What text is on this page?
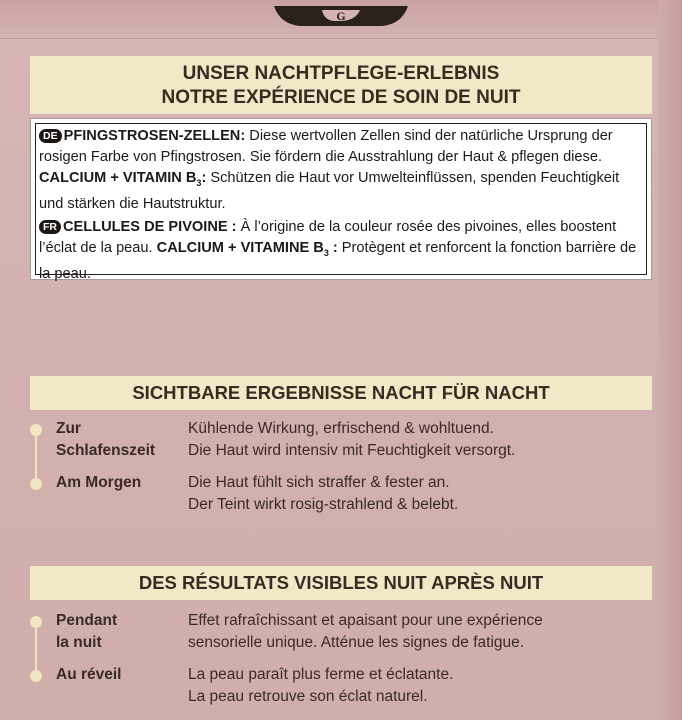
G
UNSER NACHTPFLEGE-ERLEBNIS
NOTRE EXPÉRIENCE DE SOIN DE NUIT
DE PFINGSTROSEN-ZELLEN: Diese wertvollen Zellen sind der natürliche Ursprung der rosigen Farbe von Pfingstrosen. Sie fördern die Ausstrahlung der Haut & pflegen diese. CALCIUM + VITAMIN $B_3$: Schützen die Haut vor Umwelteinflüssen, spenden Feuchtigkeit und stärken die Hautstruktur.
FR CELLULES DE PIVOINE : À l’origine de la couleur rosée des pivoines, elles boostent l’éclat de la peau. CALCIUM + VITAMINE $B_3$ : Protègent et renforcent la fonction barrière de la peau.
SICHTBARE ERGEBNISSE NACHT FÜR NACHT
Zur
Schlafenszeit
Kühlende Wirkung, erfrischend & wohltuend.
Die Haut wird intensiv mit Feuchtigkeit versorgt.
Am Morgen	Die Haut fühlt sich straffer & fester an.
Der Teint wirkt rosig-strahlend & belebt.
DES RÉSULTATS VISIBLES NUIT APRÈS NUIT
Pendant
la nuit
Effet rafraîchissant et apaisant pour une expérience
sensorielle unique. Atténue les signes de fatigue.
Au réveil	La peau paraît plus ferme et éclatante.
La peau retrouve son éclat naturel.
